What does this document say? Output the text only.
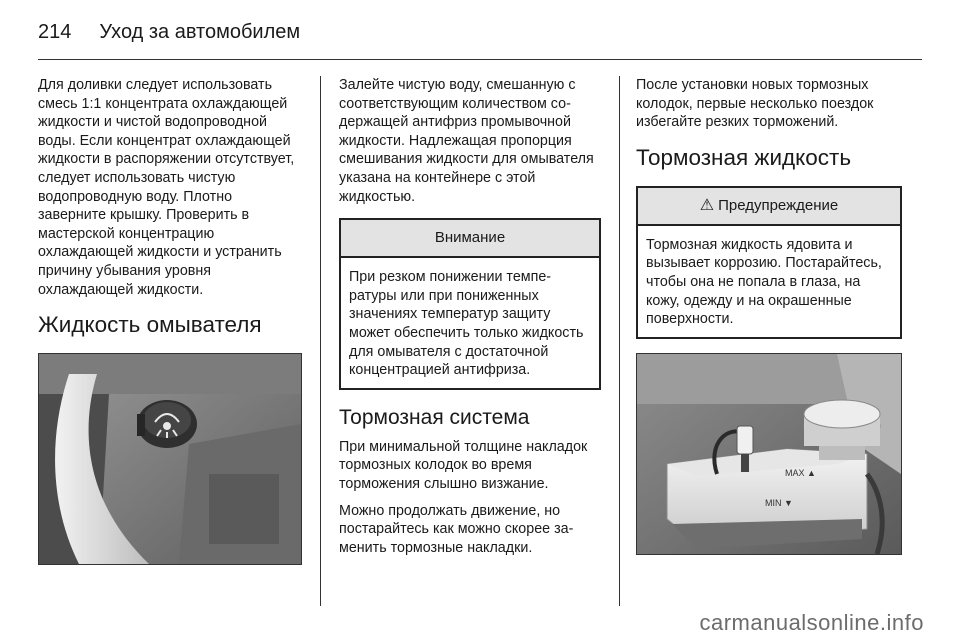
214 Уход за автомобилем

Для доливки следует использовать смесь 1:1 концентрата охлаждающей жидкости и чистой водопроводной воды. Если концентрат охлаждающей жидкости в распоряжении отсутствует, следует использовать чистую водопроводную воду. Плотно заверните крышку. Проверить в мастерской концентрацию охлаждающей жидкости и устранить причину убывания уровня охлаждающей жидкости.

Жидкость омывателя

Залейте чистую воду, смешанную с соответствующим количеством содержащей антифриз промывочной жидкости. Надлежащая пропорция смешивания жидкости для омывателя указана на контейнере с этой жидкостью.

Внимание
При резком понижении температуры или при пониженных значениях температур защиту может обеспечить только жидкость для омывателя с достаточной концентрацией антифриза.
Тормозная система

При минимальной толщине накладок тормозных колодок во время торможения слышно визжание.

Можно продолжать движение, но постарайтесь как можно скорее заменить тормозные накладки.

После установки новых тормозных колодок, первые несколько поездок избегайте резких торможений.

Тормозная жидкость
⚠ Предупреждение
Тормозная жидкость ядовита и вызывает коррозию. Постарайтесь, чтобы она не попала в глаза, на кожу, одежду и на окрашенные поверхности.
MAX ▲
MIN ▼
carmanualsonline.info
